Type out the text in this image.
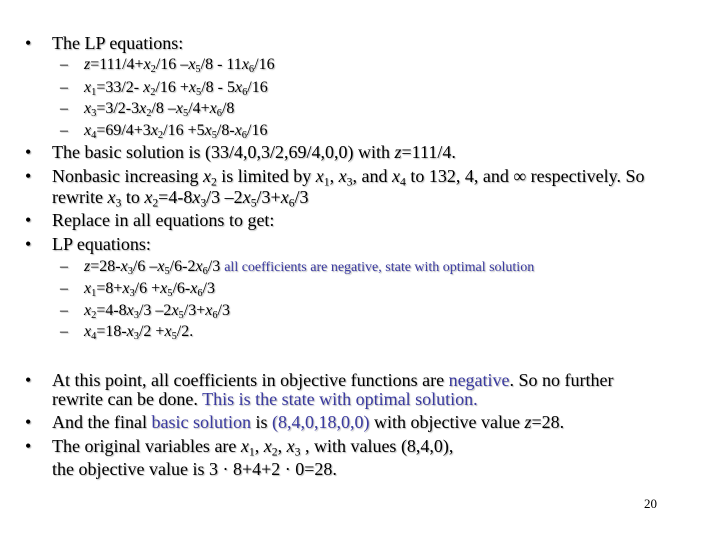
• The LP equations:
– $z=111/4+x_2/16$ $-x_5/8 - 11x_6/16$
– $x_1=33/2-$ $x_2/16 +x_5/8 - 5x_6/16$
– $x_3=3/2-3x_2/8$ $-x_5/4+x_6/8$
– $x_4=69/4+3x_2/16 +5x_5/8-x_6/16$
• The basic solution is (33/4,0,3/2,69/4,0,0) with z=111/4.
• Nonbasic increasing $x_2$ is limited by $x_1$, $x_3$, and $x_4$ to 132, 4, and ∞ respectively. So
rewrite $x_3$ to $x_2=4-8x_3/3$ $-2x_5/3+x_6/3$
• Replace in all equations to get:
• LP equations:
– $z=28-x_3/6$ $-x_5/6-2x_6/3$ all coefficients are negative, state with optimal solution
– $x_1=8+x_3/6 +x_5/6-x_6/3$
– $x_2=4-8x_3/3$ $-2x_5/3+x_6/3$
– $x_4=18-x_3/2 +x_5/2$.
• At this point, all coefficients in objective functions are negative. So no further
rewrite can be done. This is the state with optimal solution.
• And the final basic solution is (8,4,0,18,0,0) with objective value z=28.
• The original variables are $x_1$, $x_2$, $x_3$ , with values (8,4,0),
the objective value is 3 · 8+4+2 · 0=28.
20
